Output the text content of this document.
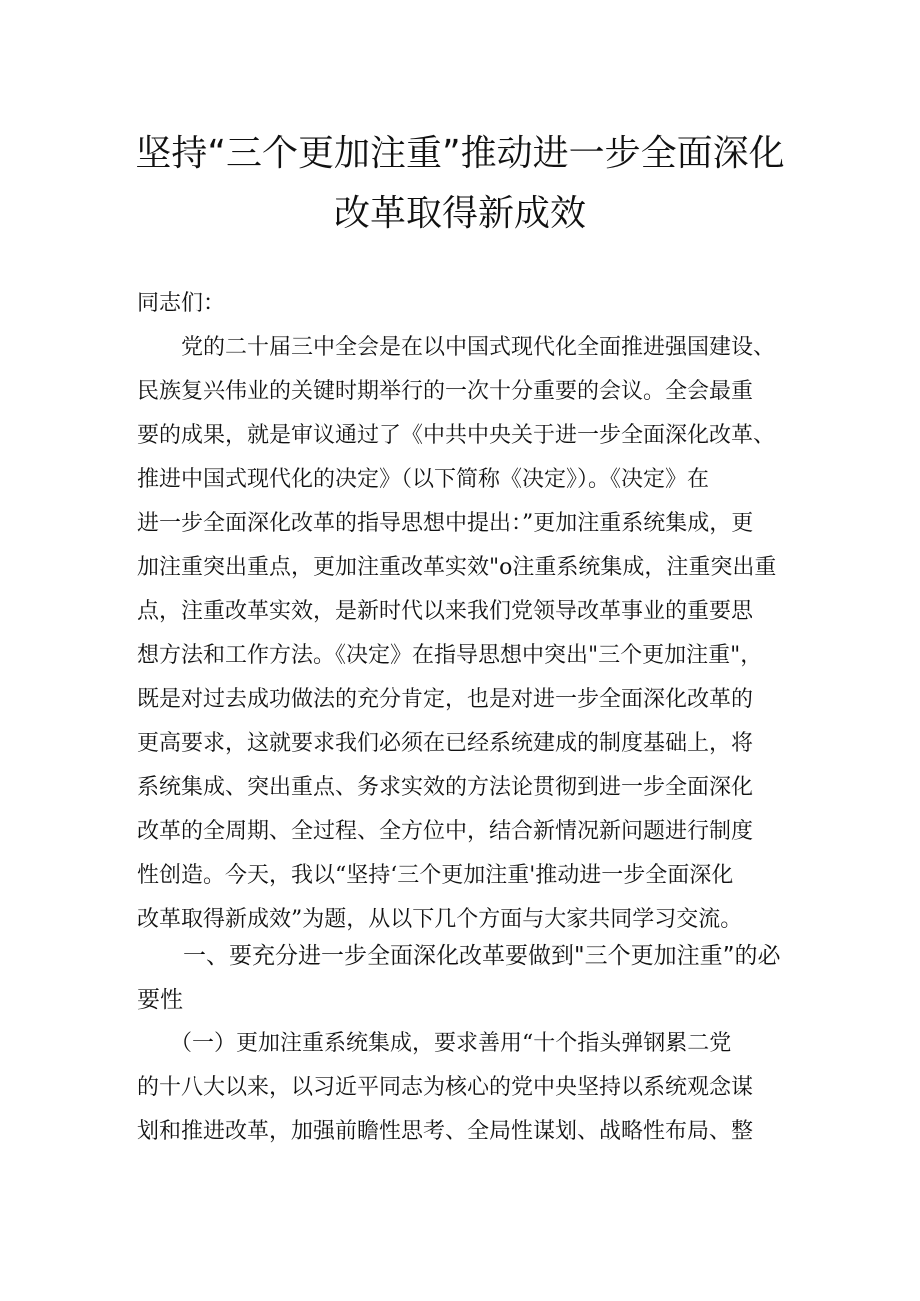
坚持“三个更加注重”推动进一步全面深化
改革取得新成效

同志们：

　　党的二十届三中全会是在以中国式现代化全面推进强国建设、
民族复兴伟业的关键时期举行的一次十分重要的会议。全会最重
要的成果，就是审议通过了《中共中央关于进一步全面深化改革、
推进中国式现代化的决定》（以下简称《决定》）。《决定》在
进一步全面深化改革的指导思想中提出：”更加注重系统集成，更
加注重突出重点，更加注重改革实效"o注重系统集成，注重突出重
点，注重改革实效，是新时代以来我们党领导改革事业的重要思
想方法和工作方法。《决定》在指导思想中突出"三个更加注重"，
既是对过去成功做法的充分肯定，也是对进一步全面深化改革的
更高要求，这就要求我们必须在已经系统建成的制度基础上，将
系统集成、突出重点、务求实效的方法论贯彻到进一步全面深化
改革的全周期、全过程、全方位中，结合新情况新问题进行制度
性创造。今天，我以“坚持‘三个更加注重'推动进一步全面深化
改革取得新成效”为题，从以下几个方面与大家共同学习交流。
　　一、要充分进一步全面深化改革要做到"三个更加注重”的必
要性
　　（一）更加注重系统集成，要求善用“十个指头弹钢累二党
的十八大以来，以习近平同志为核心的党中央坚持以系统观念谋
划和推进改革，加强前瞻性思考、全局性谋划、战略性布局、整
